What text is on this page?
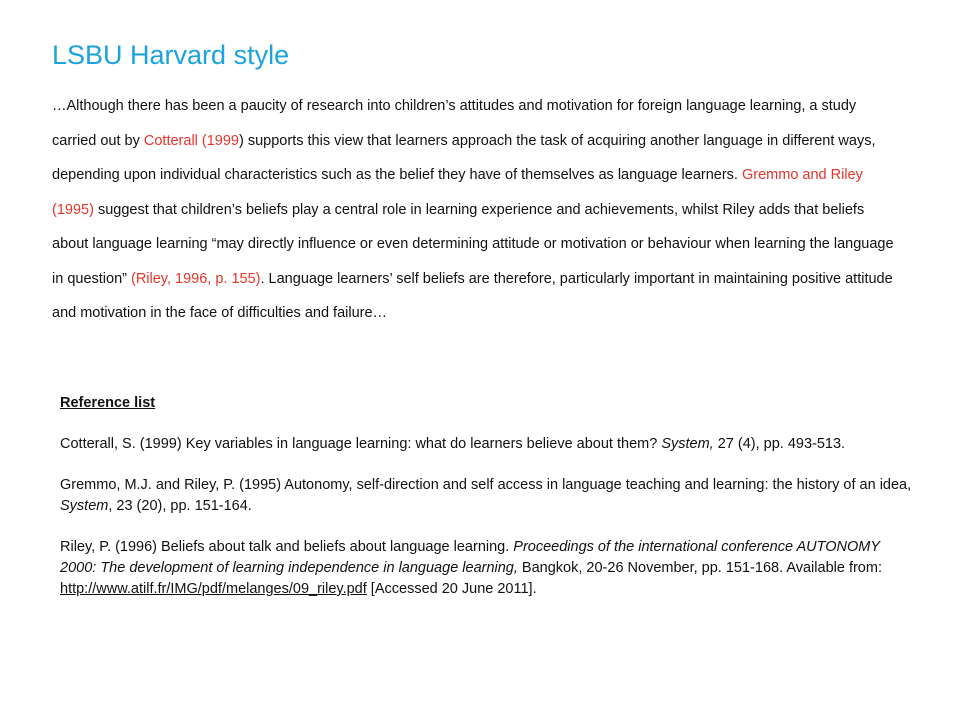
LSBU Harvard style

…Although there has been a paucity of research into children’s attitudes and motivation for foreign language learning, a study carried out by Cotterall (1999) supports this view that learners approach the task of acquiring another language in different ways, depending upon individual characteristics such as the belief they have of themselves as language learners. Gremmo and Riley (1995) suggest that children’s beliefs play a central role in learning experience and achievements, whilst Riley adds that beliefs about language learning “may directly influence or even determining attitude or motivation or behaviour when learning the language in question” (Riley, 1996, p. 155). Language learners’ self beliefs are therefore, particularly important in maintaining positive attitude and motivation in the face of difficulties and failure…

Reference list

Cotterall, S. (1999) Key variables in language learning: what do learners believe about them? System, 27 (4), pp. 493-513.

Gremmo, M.J. and Riley, P. (1995) Autonomy, self-direction and self access in language teaching and learning: the history of an idea, System, 23 (20), pp. 151-164.

Riley, P. (1996) Beliefs about talk and beliefs about language learning. Proceedings of the international conference AUTONOMY 2000: The development of learning independence in language learning, Bangkok, 20-26 November, pp. 151-168. Available from: http://www.atilf.fr/IMG/pdf/melanges/09_riley.pdf [Accessed 20 June 2011].
